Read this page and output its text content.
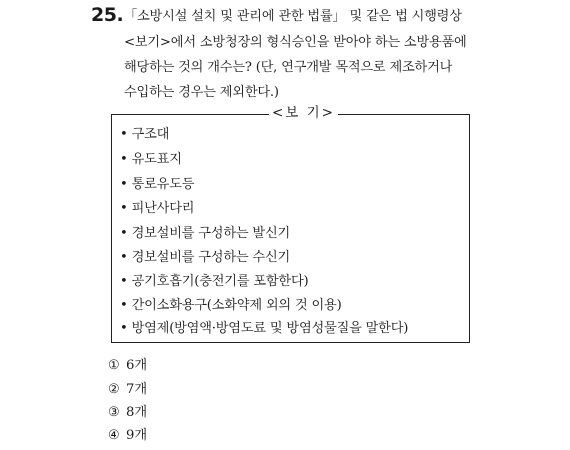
25. 「소방시설 설치 및 관리에 관한 법률」 및 같은 법 시행령상
<보기>에서 소방청장의 형식승인을 받아야 하는 소방용품에
해당하는 것의 개수는? (단, 연구개발 목적으로 제조하거나
수입하는 경우는 제외한다.)
<보 기>
• 구조대
• 유도표지
• 통로유도등
• 피난사다리
• 경보설비를 구성하는 발신기
• 경보설비를 구성하는 수신기
• 공기호흡기(충전기를 포함한다)
• 간이소화용구(소화약제 외의 것 이용)
• 방염제(방염액·방염도료 및 방염성물질을 말한다)
① 6개
② 7개
③ 8개
④ 9개
